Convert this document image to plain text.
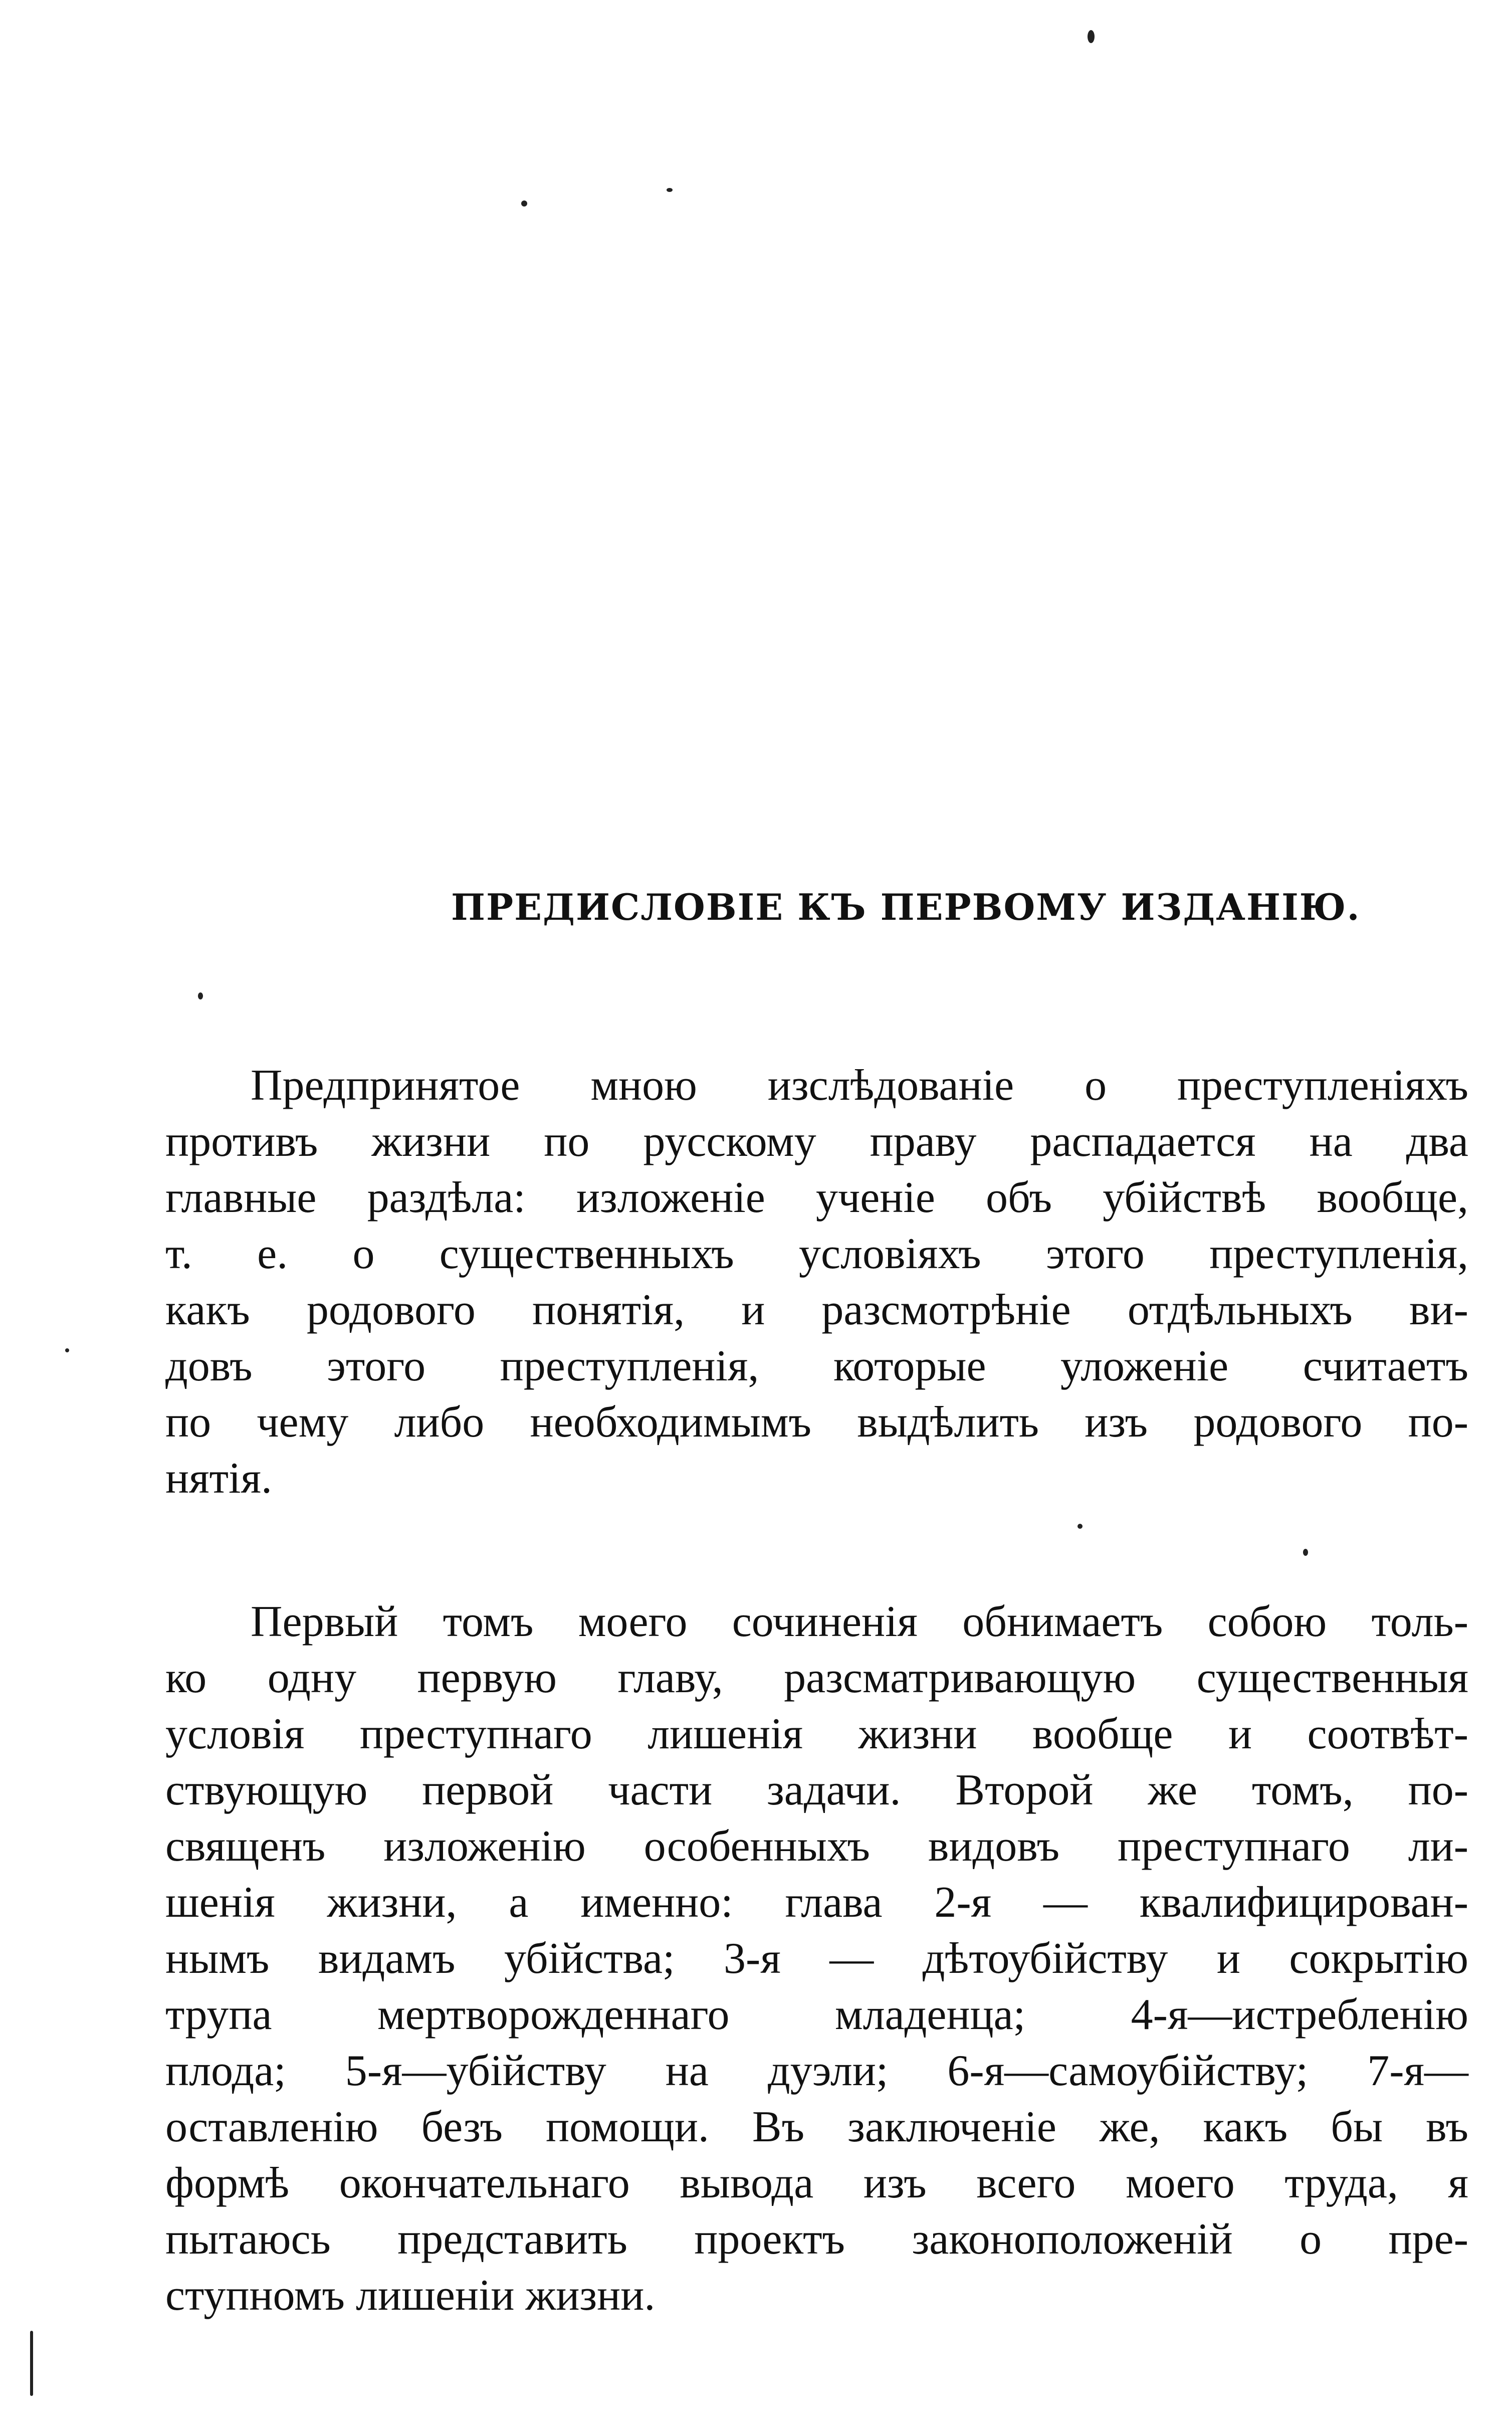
ПРЕДИСЛОВІЕ КЪ ПЕРВОМУ ИЗДАНІЮ.
Предпринятое мною изслѣдованіе о преступленіяхъ
противъ жизни по русскому праву распадается на два
главные раздѣла: изложеніе ученіе объ убійствѣ вообще,
т. е. о существенныхъ условіяхъ этого преступленія,
какъ родового понятія, и разсмотрѣніе отдѣльныхъ ви-
довъ этого преступленія, которые уложеніе считаетъ
по чему либо необходимымъ выдѣлить изъ родового по-
нятія.
Первый томъ моего сочиненія обнимаетъ собою толь-
ко одну первую главу, разсматривающую существенныя
условія преступнаго лишенія жизни вообще и соотвѣт-
ствующую первой части задачи. Второй же томъ, по-
священъ изложенію особенныхъ видовъ преступнаго ли-
шенія жизни, а именно: глава 2-я — квалифицирован-
нымъ видамъ убійства; 3-я — дѣтоубійству и сокрытію
трупа мертворожденнаго младенца; 4-я—истребленію
плода; 5-я—убійству на дуэли; 6-я—самоубійству; 7-я—
оставленію безъ помощи. Въ заключеніе же, какъ бы въ
формѣ окончательнаго вывода изъ всего моего труда, я
пытаюсь представить проектъ законоположеній о пре-
ступномъ лишеніи жизни.
